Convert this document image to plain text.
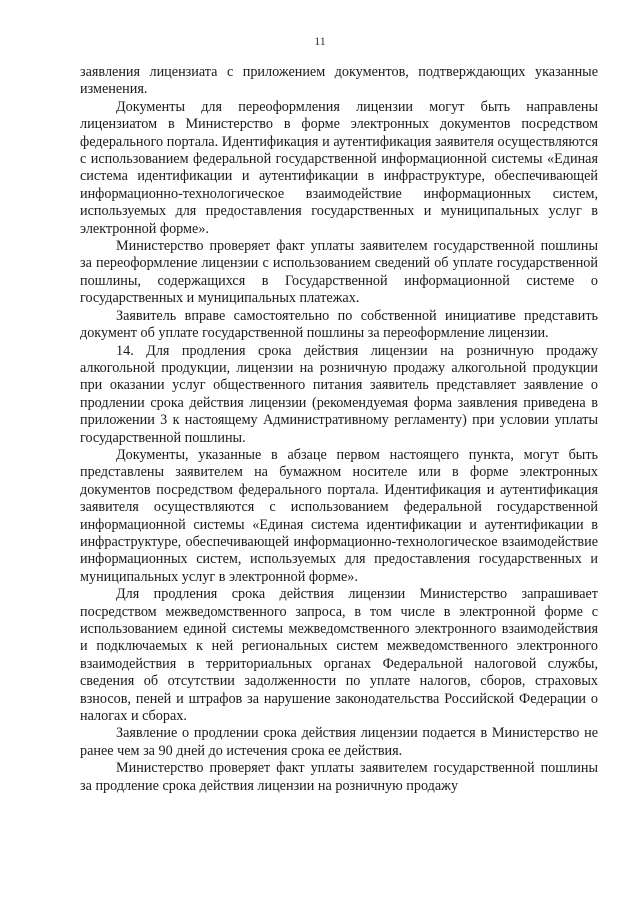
11

заявления лицензиата с приложением документов, подтверждающих указанные изменения.

Документы для переоформления лицензии могут быть направлены лицензиатом в Министерство в форме электронных документов посредством федерального портала. Идентификация и аутентификация заявителя осуществляются с использованием федеральной государственной информационной системы «Единая система идентификации и аутентификации в инфраструктуре, обеспечивающей информационно-технологическое взаимодействие информационных систем, используемых для предоставления государственных и муниципальных услуг в электронной форме».

Министерство проверяет факт уплаты заявителем государственной пошлины за переоформление лицензии с использованием сведений об уплате государственной пошлины, содержащихся в Государственной информационной системе о государственных и муниципальных платежах.

Заявитель вправе самостоятельно по собственной инициативе представить документ об уплате государственной пошлины за переоформление лицензии.

14. Для продления срока действия лицензии на розничную продажу алкогольной продукции, лицензии на розничную продажу алкогольной продукции при оказании услуг общественного питания заявитель представляет заявление о продлении срока действия лицензии (рекомендуемая форма заявления приведена в приложении 3 к настоящему Административному регламенту) при условии уплаты государственной пошлины.

Документы, указанные в абзаце первом настоящего пункта, могут быть представлены заявителем на бумажном носителе или в форме электронных документов посредством федерального портала. Идентификация и аутентификация заявителя осуществляются с использованием федеральной государственной информационной системы «Единая система идентификации и аутентификации в инфраструктуре, обеспечивающей информационно-технологическое взаимодействие информационных систем, используемых для предоставления государственных и муниципальных услуг в электронной форме».

Для продления срока действия лицензии Министерство запрашивает посредством межведомственного запроса, в том числе в электронной форме с использованием единой системы межведомственного электронного взаимодействия и подключаемых к ней региональных систем межведомственного электронного взаимодействия в территориальных органах Федеральной налоговой службы, сведения об отсутствии задолженности по уплате налогов, сборов, страховых взносов, пеней и штрафов за нарушение законодательства Российской Федерации о налогах и сборах.

Заявление о продлении срока действия лицензии подается в Министерство не ранее чем за 90 дней до истечения срока ее действия.

Министерство проверяет факт уплаты заявителем государственной пошлины за продление срока действия лицензии на розничную продажу
